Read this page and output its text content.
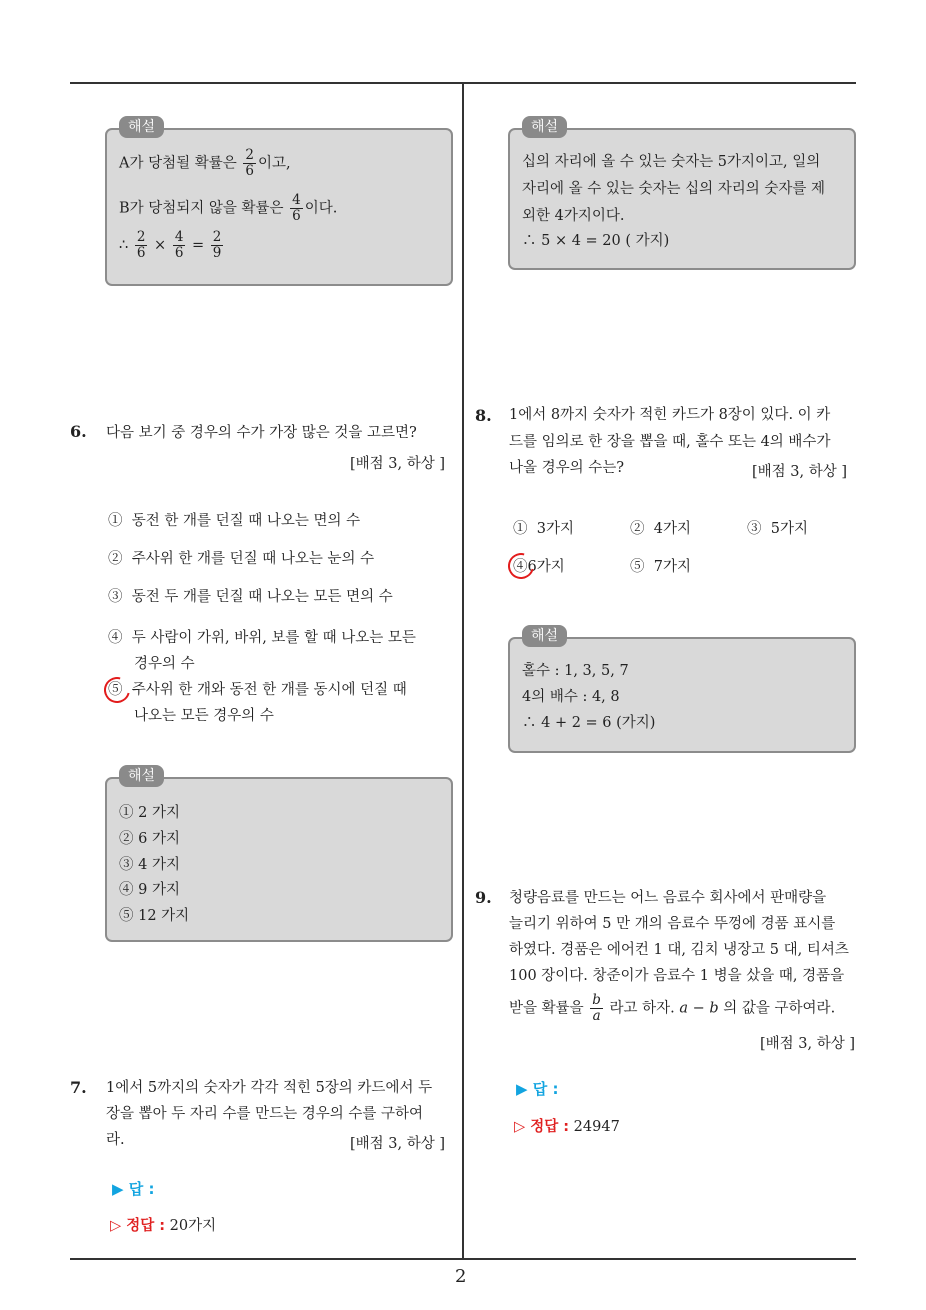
2
해설
A가 당첨될 확률은 $\frac{2}{6}$ 이고,
B가 당첨되지 않을 확률은 $\frac{4}{6}$ 이다.
∴ $\frac{2}{6} \times \frac{4}{6} = \frac{2}{9}$
6. 다음 보기 중 경우의 수가 가장 많은 것을 고르면?
[배점 3, 하상 ]
① 동전 한 개를 던질 때 나오는 면의 수
② 주사위 한 개를 던질 때 나오는 눈의 수
③ 동전 두 개를 던질 때 나오는 모든 면의 수
④ 두 사람이 가위, 바위, 보를 할 때 나오는 모든
경우의 수
⑤ 주사위 한 개와 동전 한 개를 동시에 던질 때
나오는 모든 경우의 수
해설
① 2 가지
② 6 가지
③ 4 가지
④ 9 가지
⑤ 12 가지
7. 1에서 5까지의 숫자가 각각 적힌 5장의 카드에서 두
장을 뽑아 두 자리 수를 만드는 경우의 수를 구하여
라.	[배점 3, 하상 ]
▶ 답 :
▷ 정답 : 20가지
해설
십의 자리에 올 수 있는 숫자는 5가지이고, 일의
자리에 올 수 있는 숫자는 십의 자리의 숫자를 제
외한 4가지이다.
∴ 5 × 4 = 20 ( 가지)
8. 1에서 8까지 숫자가 적힌 카드가 8장이 있다. 이 카
드를 임의로 한 장을 뽑을 때, 홀수 또는 4의 배수가
나올 경우의 수는?	[배점 3, 하상 ]
① 3가지	② 4가지	③ 5가지
④6가지	⑤ 7가지
해설
홀수 : 1, 3, 5, 7
4의 배수 : 4, 8
∴ 4 + 2 = 6 (가지)
9. 청량음료를 만드는 어느 음료수 회사에서 판매량을
늘리기 위하여 5 만 개의 음료수 뚜껑에 경품 표시를
하였다. 경품은 에어컨 1 대, 김치 냉장고 5 대, 티셔츠
100 장이다. 창준이가 음료수 1 병을 샀을 때, 경품을
받을 확률을 $\frac{b}{a}$ 라고 하자. a − b 의 값을 구하여라.
[배점 3, 하상 ]
▶ 답 :
▷ 정답 : 24947
